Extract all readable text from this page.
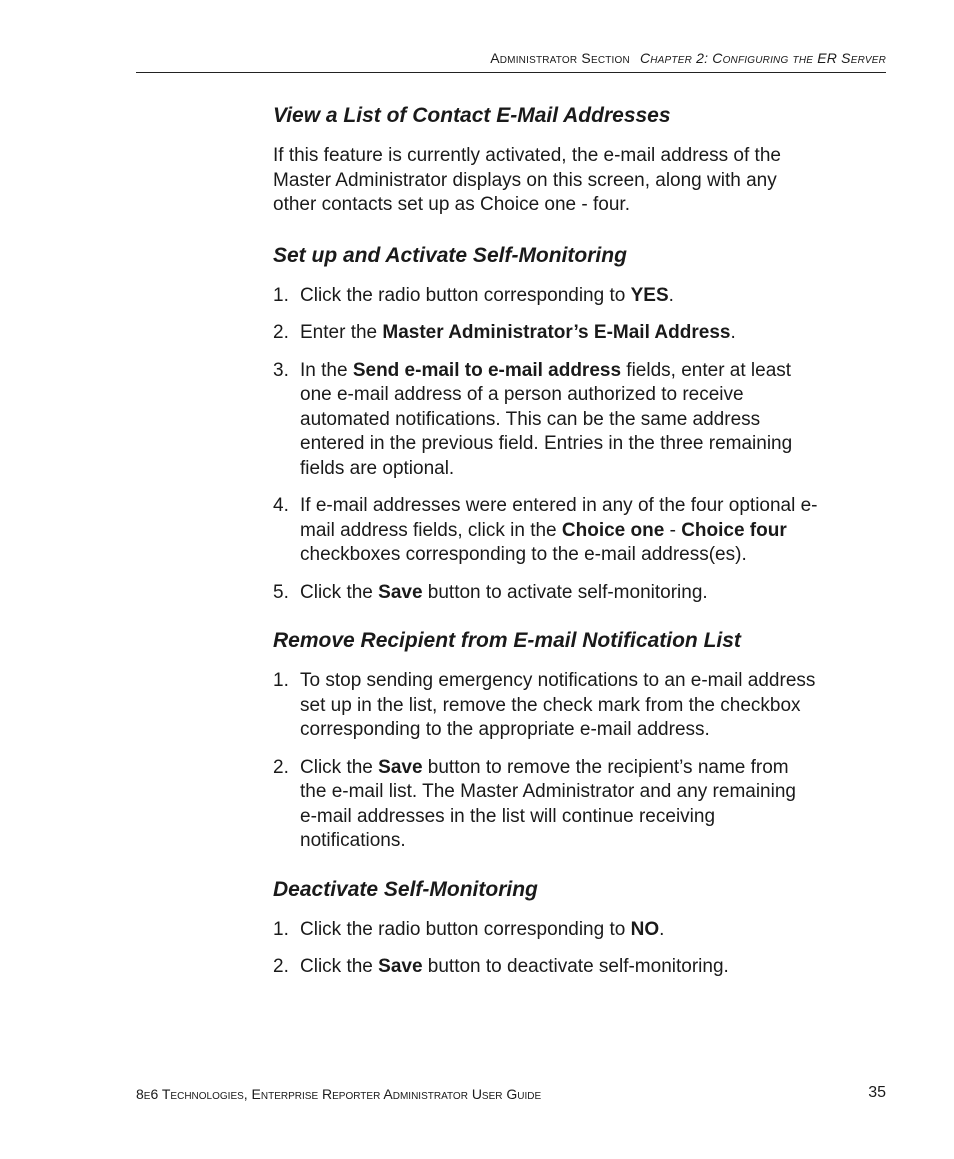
Administrator Section Chapter 2: Configuring the ER Server
View a List of Contact E-Mail Addresses

If this feature is currently activated, the e-mail address of the Master Administrator displays on this screen, along with any other contacts set up as Choice one - four.

Set up and Activate Self-Monitoring
1. Click the radio button corresponding to YES.
2. Enter the Master Administrator’s E-Mail Address.
3. In the Send e-mail to e-mail address fields, enter at least one e-mail address of a person authorized to receive automated notifications. This can be the same address entered in the previous field. Entries in the three remaining fields are optional.
4. If e-mail addresses were entered in any of the four optional e-mail address fields, click in the Choice one - Choice four checkboxes corresponding to the e-mail address(es).
5. Click the Save button to activate self-monitoring.
Remove Recipient from E-mail Notification List
1. To stop sending emergency notifications to an e-mail address set up in the list, remove the check mark from the checkbox corresponding to the appropriate e-mail address.
2. Click the Save button to remove the recipient’s name from the e-mail list. The Master Administrator and any remaining e-mail addresses in the list will continue receiving notifications.
Deactivate Self-Monitoring
1. Click the radio button corresponding to NO.
2. Click the Save button to deactivate self-monitoring.
8e6 Technologies, Enterprise Reporter Administrator User Guide	35
